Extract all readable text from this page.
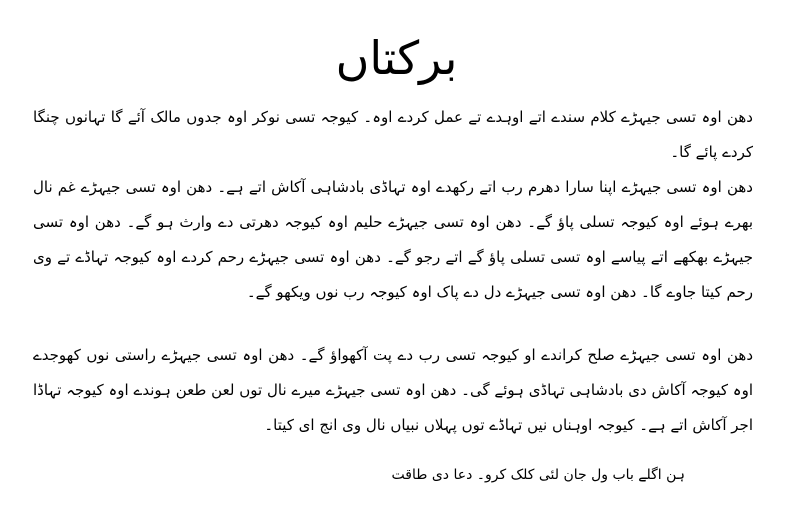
برکتاں

دھن اوہ تسی جیہڑے کلام سندے اتے اوہدے تے عمل کردے اوہ۔ کیوجہ تسی نوکر اوہ جدوں مالک آئے گا تہانوں چنگا کردے پائے گا۔

دھن اوہ تسی جیہڑے اپنا سارا دھرم رب اتے رکھدے اوہ تہاڈی بادشاہی آکاش اتے ہے۔ دھن اوہ تسی جیہڑے غم نال بھرے ہوئے اوہ کیوجہ تسلی پاؤ گے۔ دھن اوہ تسی جیہڑے حلیم اوہ کیوجہ دھرتی دے وارث ہو گے۔ دھن اوہ تسی جیہڑے بھکھے اتے پیاسے اوہ تسی تسلی پاؤ گے اتے رجو گے۔ دھن اوہ تسی جیہڑے رحم کردے اوہ کیوجہ تہاڈے تے وی رحم کیتا جاوے گا۔ دھن اوہ تسی جیہڑے دل دے پاک اوہ کیوجہ رب نوں ویکھو گے۔

دھن اوہ تسی جیہڑے صلح کراندے او کیوجہ تسی رب دے پت آکھواؤ گے۔ دھن اوہ تسی جیہڑے راستی نوں کھوجدے اوہ کیوجہ آکاش دی بادشاہی تہاڈی ہوئے گی۔ دھن اوہ تسی جیہڑے میرے نال توں لعن طعن ہوندے اوہ کیوجہ تہاڈا اجر آکاش اتے ہے۔ کیوجہ اوہناں نیں تہاڈے توں پہلاں نبیاں نال وی انج ای کیتا۔

ہن اگلے باب ول جان لئی کلک کرو۔ دعا دی طاقت
